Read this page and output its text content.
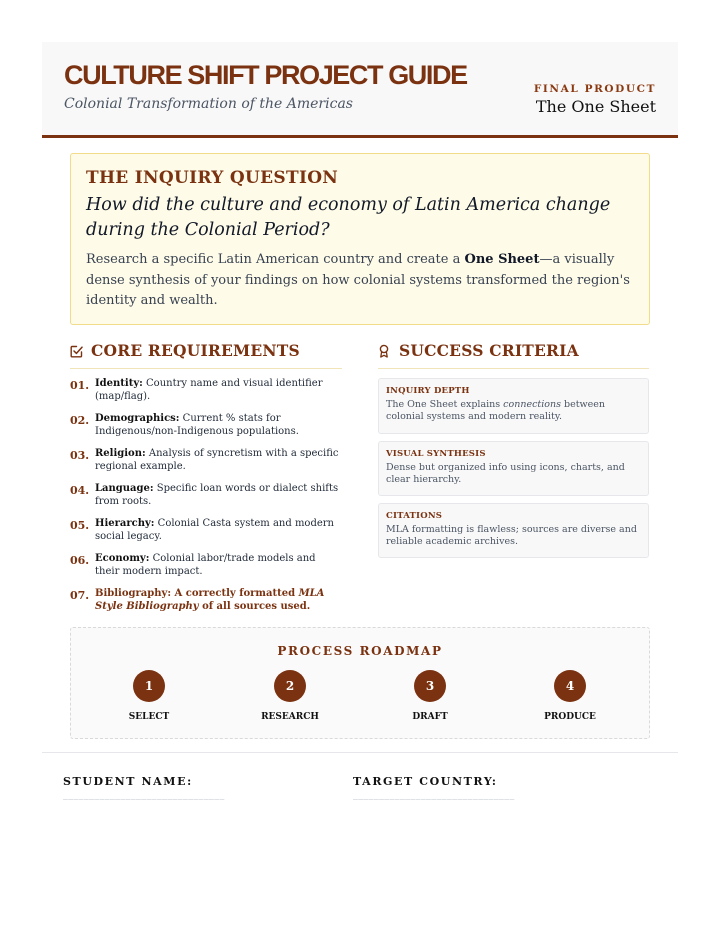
CULTURE SHIFT PROJECT GUIDE
Colonial Transformation of the Americas
FINAL PRODUCT
The One Sheet
THE INQUIRY QUESTION
How did the culture and economy of Latin America change during the Colonial Period?
Research a specific Latin American country and create a One Sheet—a visually dense synthesis of your findings on how colonial systems transformed the region's identity and wealth.
CORE REQUIREMENTS
01. Identity: Country name and visual identifier (map/flag).
02. Demographics: Current % stats for Indigenous/non-Indigenous populations.
03. Religion: Analysis of syncretism with a specific regional example.
04. Language: Specific loan words or dialect shifts from roots.
05. Hierarchy: Colonial Casta system and modern social legacy.
06. Economy: Colonial labor/trade models and their modern impact.
07. Bibliography: A correctly formatted MLA Style Bibliography of all sources used.
SUCCESS CRITERIA
INQUIRY DEPTH
The One Sheet explains connections between colonial systems and modern reality.
VISUAL SYNTHESIS
Dense but organized info using icons, charts, and clear hierarchy.
CITATIONS
MLA formatting is flawless; sources are diverse and reliable academic archives.
PROCESS ROADMAP
1
SELECT
2
RESEARCH
3
DRAFT
4
PRODUCE
STUDENT NAME:
_______________________________
TARGET COUNTRY:
_______________________________
